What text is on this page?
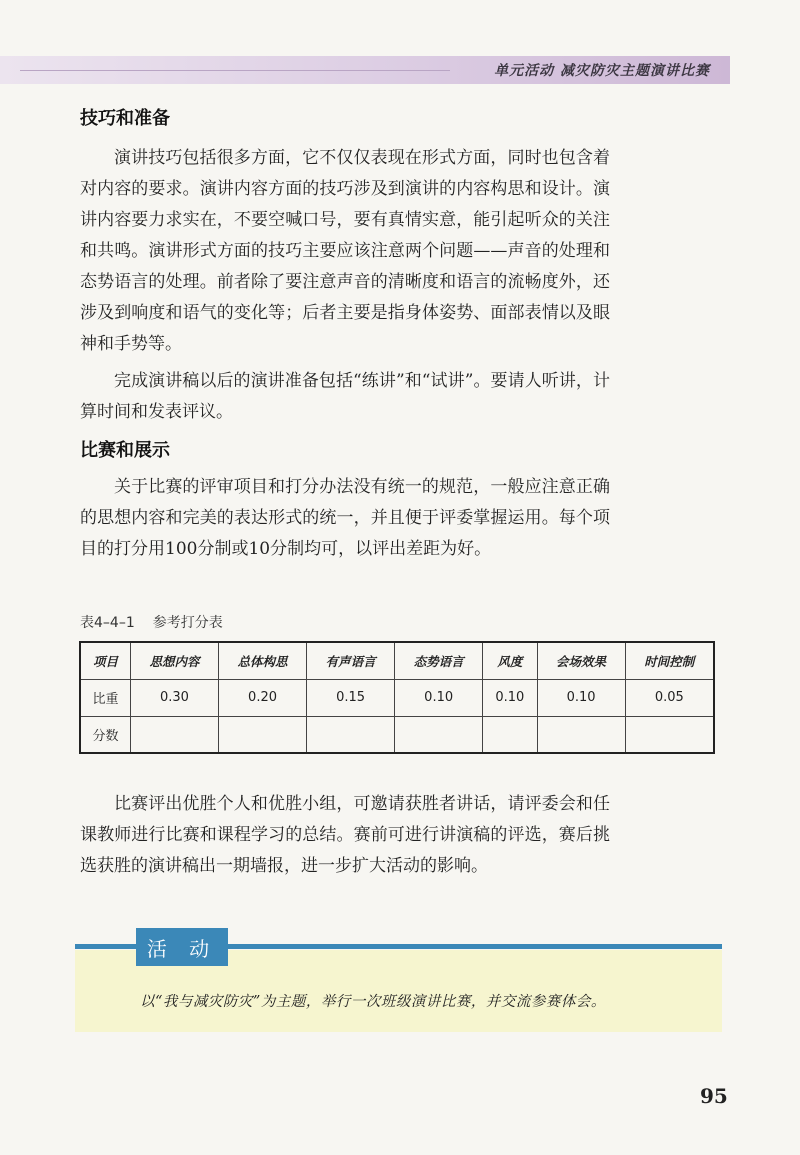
单元活动 减灾防灾主题演讲比赛
技巧和准备

演讲技巧包括很多方面，它不仅仅表现在形式方面，同时也包含着对内容的要求。演讲内容方面的技巧涉及到演讲的内容构思和设计。演讲内容要力求实在，不要空喊口号，要有真情实意，能引起听众的关注和共鸣。演讲形式方面的技巧主要应该注意两个问题——声音的处理和态势语言的处理。前者除了要注意声音的清晰度和语言的流畅度外，还涉及到响度和语气的变化等；后者主要是指身体姿势、面部表情以及眼神和手势等。

完成演讲稿以后的演讲准备包括“练讲”和“试讲”。要请人听讲，计算时间和发表评议。

比赛和展示

关于比赛的评审项目和打分办法没有统一的规范，一般应注意正确的思想内容和完美的表达形式的统一，并且便于评委掌握运用。每个项目的打分用100分制或10分制均可，以评出差距为好。

表4–4–1 参考打分表
项目	思想内容	总体构思	有声语言	态势语言	风度	会场效果	时间控制
比重	0.30	0.20	0.15	0.10	0.10	0.10	0.05
分数							

比赛评出优胜个人和优胜小组，可邀请获胜者讲话，请评委会和任课教师进行比赛和课程学习的总结。赛前可进行讲演稿的评选，赛后挑选获胜的演讲稿出一期墙报，进一步扩大活动的影响。

活 动
以“我与减灾防灾”为主题，举行一次班级演讲比赛，并交流参赛体会。
95
